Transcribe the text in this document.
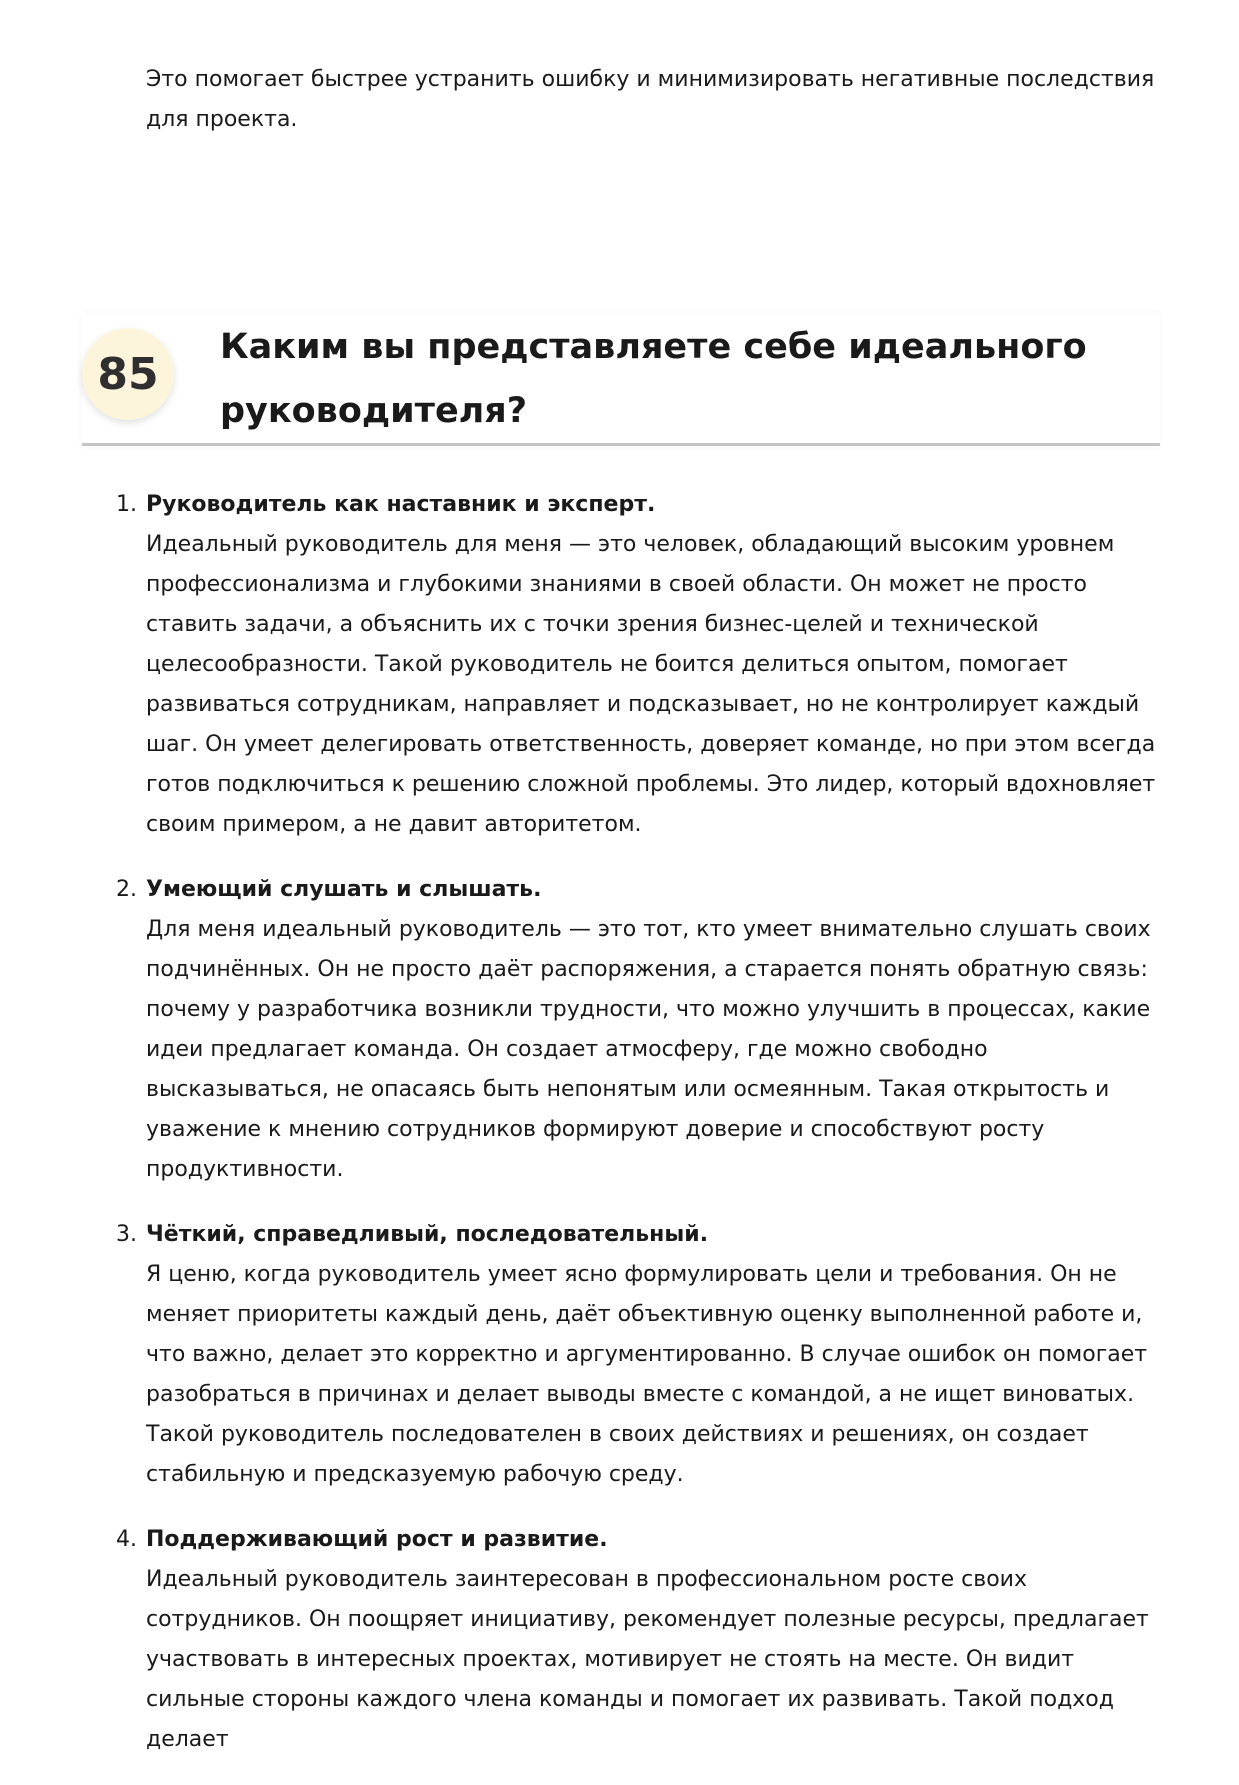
Это помогает быстрее устранить ошибку и минимизировать негативные последствия для проекта.

85
Каким вы представляете себе идеального руководителя?
1. Руководитель как наставник и эксперт.
Идеальный руководитель для меня — это человек, обладающий высоким уровнем профессионализма и глубокими знаниями в своей области. Он может не просто ставить задачи, а объяснить их с точки зрения бизнес-целей и технической целесообразности. Такой руководитель не боится делиться опытом, помогает развиваться сотрудникам, направляет и подсказывает, но не контролирует каждый шаг. Он умеет делегировать ответственность, доверяет команде, но при этом всегда готов подключиться к решению сложной проблемы. Это лидер, который вдохновляет своим примером, а не давит авторитетом.
2. Умеющий слушать и слышать.
Для меня идеальный руководитель — это тот, кто умеет внимательно слушать своих подчинённых. Он не просто даёт распоряжения, а старается понять обратную связь: почему у разработчика возникли трудности, что можно улучшить в процессах, какие идеи предлагает команда. Он создает атмосферу, где можно свободно высказываться, не опасаясь быть непонятым или осмеянным. Такая открытость и уважение к мнению сотрудников формируют доверие и способствуют росту продуктивности.
3. Чёткий, справедливый, последовательный.
Я ценю, когда руководитель умеет ясно формулировать цели и требования. Он не меняет приоритеты каждый день, даёт объективную оценку выполненной работе и, что важно, делает это корректно и аргументированно. В случае ошибок он помогает разобраться в причинах и делает выводы вместе с командой, а не ищет виноватых. Такой руководитель последователен в своих действиях и решениях, он создает стабильную и предсказуемую рабочую среду.
4. Поддерживающий рост и развитие.
Идеальный руководитель заинтересован в профессиональном росте своих сотрудников. Он поощряет инициативу, рекомендует полезные ресурсы, предлагает участвовать в интересных проектах, мотивирует не стоять на месте. Он видит сильные стороны каждого члена команды и помогает их развивать. Такой подход делает
